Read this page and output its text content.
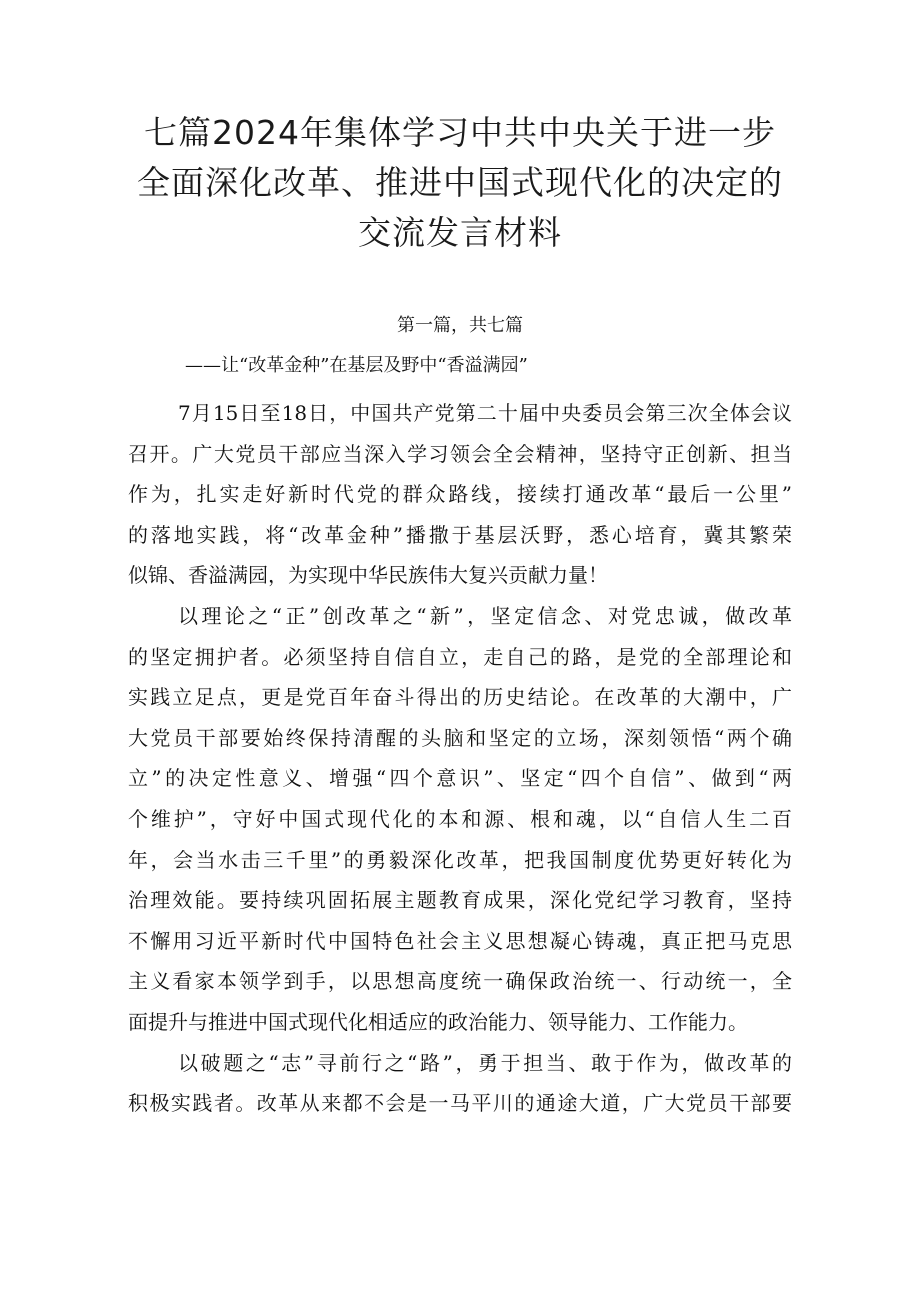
七篇2024年集体学习中共中央关于进一步
全面深化改革、推进中国式现代化的决定的
交流发言材料
第一篇，共七篇
——让“改革金种”在基层及野中“香溢满园”
7月15日至18日，中国共产党第二十届中央委员会第三次全体会议
召开。广大党员干部应当深入学习领会全会精神，坚持守正创新、担当
作为，扎实走好新时代党的群众路线，接续打通改革“最后一公里”
的落地实践，将“改革金种”播撒于基层沃野，悉心培育，冀其繁荣
似锦、香溢满园，为实现中华民族伟大复兴贡献力量！
以理论之“正”创改革之“新”，坚定信念、对党忠诚，做改革
的坚定拥护者。必须坚持自信自立，走自己的路，是党的全部理论和
实践立足点，更是党百年奋斗得出的历史结论。在改革的大潮中，广
大党员干部要始终保持清醒的头脑和坚定的立场，深刻领悟“两个确
立”的决定性意义、增强“四个意识”、坚定“四个自信”、做到“两
个维护”，守好中国式现代化的本和源、根和魂，以“自信人生二百
年，会当水击三千里”的勇毅深化改革，把我国制度优势更好转化为
治理效能。要持续巩固拓展主题教育成果，深化党纪学习教育，坚持
不懈用习近平新时代中国特色社会主义思想凝心铸魂，真正把马克思
主义看家本领学到手，以思想高度统一确保政治统一、行动统一，全
面提升与推进中国式现代化相适应的政治能力、领导能力、工作能力。
以破题之“志”寻前行之“路”，勇于担当、敢于作为，做改革的
积极实践者。改革从来都不会是一马平川的通途大道，广大党员干部要
